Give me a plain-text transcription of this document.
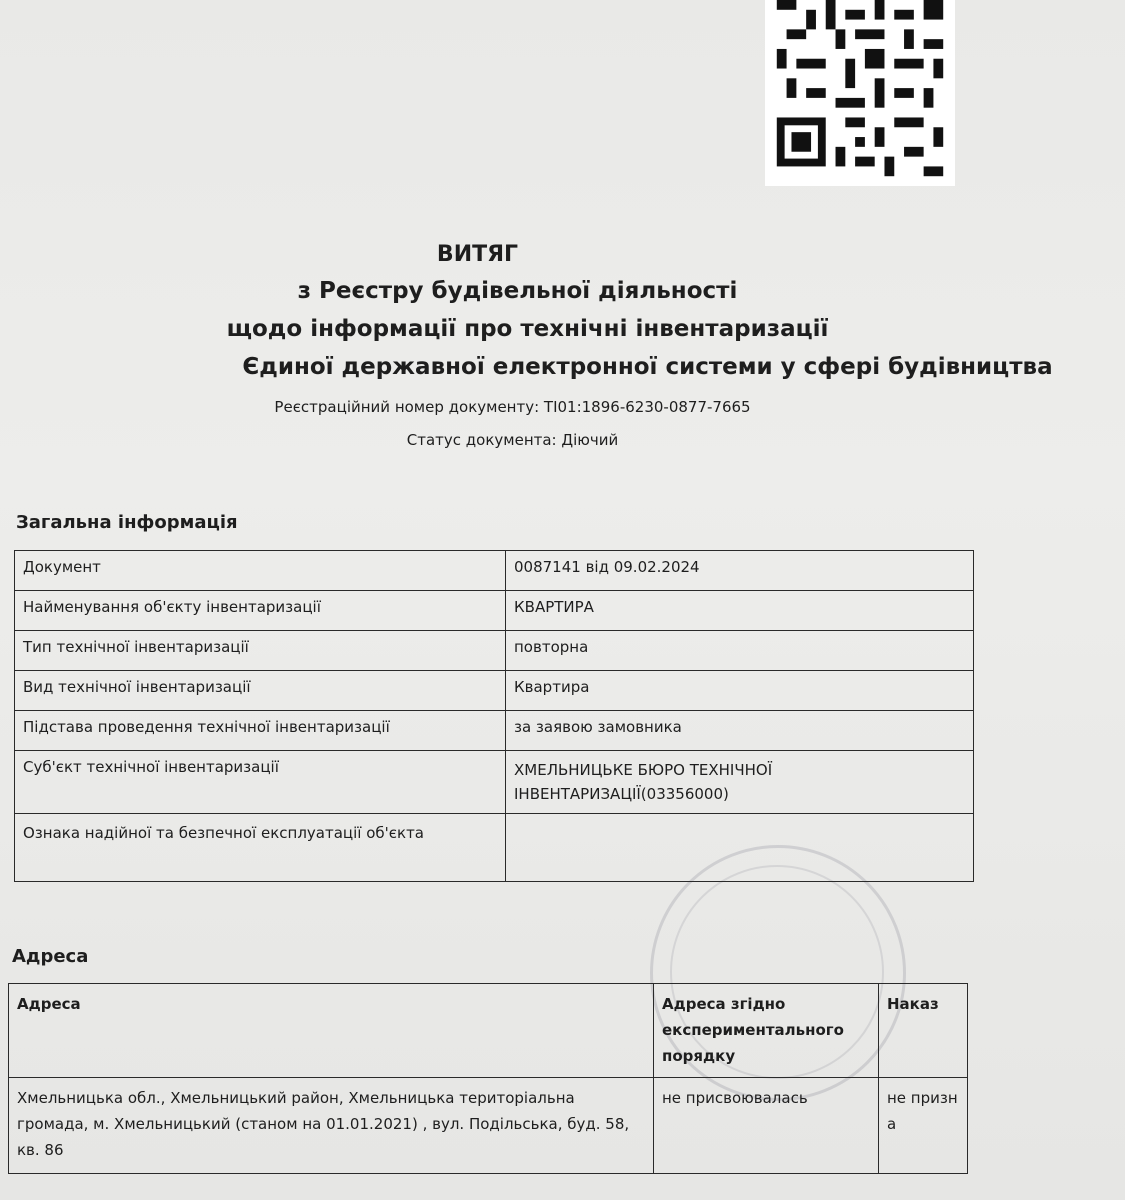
ВИТЯГ
з Реєстру будівельної діяльності
щодо інформації про технічні інвентаризації
Єдиної державної електронної системи у сфері будівництва
Реєстраційний номер документу: ТІ01:1896-6230-0877-7665
Статус документа: Діючий
Загальна інформація
Документ	0087141 від 09.02.2024
Найменування об'єкту інвентаризації	КВАРТИРА
Тип технічної інвентаризації	повторна
Вид технічної інвентаризації	Квартира
Підстава проведення технічної інвентаризації	за заявою замовника
Суб'єкт технічної інвентаризації	ХМЕЛЬНИЦЬКЕ БЮРО ТЕХНІЧНОЇ ІНВЕНТАРИЗАЦІЇ(03356000)
Ознака надійної та безпечної експлуатації об'єкта	
Адреса
Адреса	Адреса згідно експериментального порядку	Наказ
Хмельницька обл., Хмельницький район, Хмельницька територіальна громада, м. Хмельницький (станом на 01.01.2021) , вул. Подільська, буд. 58, кв. 86	не присвоювалась	не призна
